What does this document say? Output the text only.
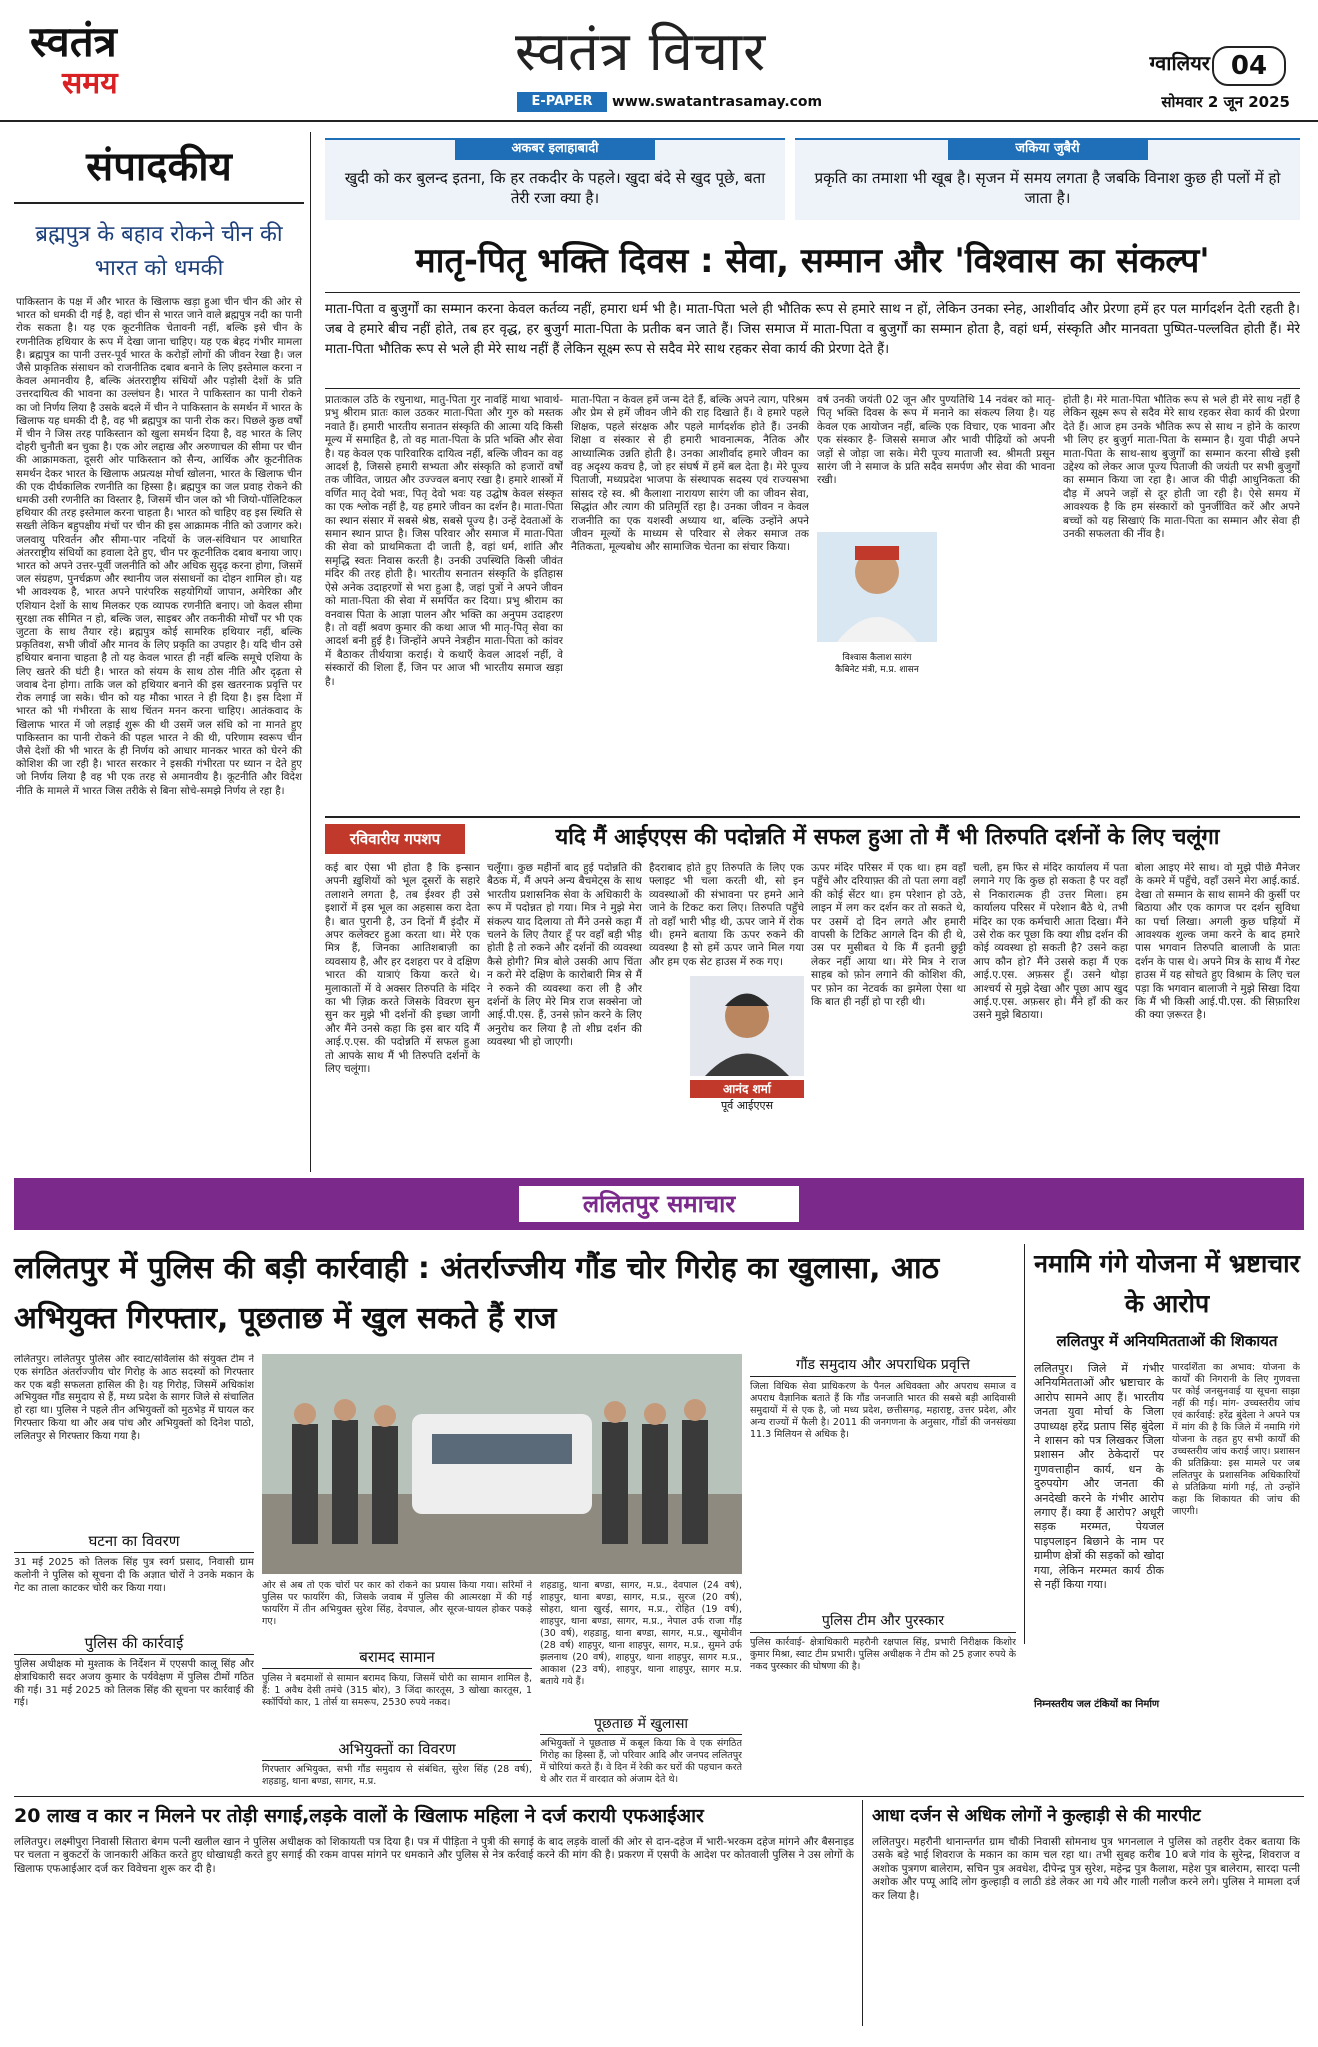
स्वतंत्र
समय
स्वतंत्र विचार
E-PAPER	www.swatantrasamay.com
ग्वालियर 04
सोमवार 2 जून 2025
संपादकीय
ब्रह्मपुत्र के बहाव रोकने चीन की भारत को धमकी
पाकिस्तान के पक्ष में और भारत के खिलाफ खड़ा हुआ चीन चीन की ओर से भारत को धमकी दी गई है, वहां चीन से भारत जाने वाले ब्रह्मपुत्र नदी का पानी रोक सकता है। यह एक कूटनीतिक चेतावनी नहीं, बल्कि इसे चीन के रणनीतिक हथियार के रूप में देखा जाना चाहिए। यह एक बेहद गंभीर मामला है। ब्रह्मपुत्र का पानी उत्तर-पूर्व भारत के करोड़ों लोगों की जीवन रेखा है। जल जैसे प्राकृतिक संसाधन को राजनीतिक दबाव बनाने के लिए इस्तेमाल करना न केवल अमानवीय है, बल्कि अंतरराष्ट्रीय संधियों और पड़ोसी देशों के प्रति उत्तरदायित्व की भावना का उल्लंघन है। भारत ने पाकिस्तान का पानी रोकने का जो निर्णय लिया है उसके बदले में चीन ने पाकिस्तान के समर्थन में भारत के खिलाफ यह धमकी दी है, वह भी ब्रह्मपुत्र का पानी रोक कर। पिछले कुछ वर्षों में चीन ने जिस तरह पाकिस्तान को खुला समर्थन दिया है, वह भारत के लिए दोहरी चुनौती बन चुका है। एक ओर लद्दाख और अरुणाचल की सीमा पर चीन की आक्रामकता, दूसरी ओर पाकिस्तान को सैन्य, आर्थिक और कूटनीतिक समर्थन देकर भारत के खिलाफ अप्रत्यक्ष मोर्चा खोलना, भारत के खिलाफ चीन की एक दीर्घकालिक रणनीति का हिस्सा है। ब्रह्मपुत्र का जल प्रवाह रोकने की धमकी उसी रणनीति का विस्तार है, जिसमें चीन जल को भी जियो-पॉलिटिकल हथियार की तरह इस्तेमाल करना चाहता है। भारत को चाहिए वह इस स्थिति से सख्ती लेकिन बहुपक्षीय मंचों पर चीन की इस आक्रामक नीति को उजागर करे। जलवायु परिवर्तन और सीमा-पार नदियों के जल-संविधान पर आधारित अंतरराष्ट्रीय संधियों का हवाला देते हुए, चीन पर कूटनीतिक दबाव बनाया जाए। भारत को अपने उत्तर-पूर्वी जलनीति को और अधिक सुदृढ़ करना होगा, जिसमें जल संग्रहण, पुनर्चक्रण और स्थानीय जल संसाधनों का दोहन शामिल हो। यह भी आवश्यक है, भारत अपने पारंपरिक सहयोगियों जापान, अमेरिका और एशियान देशों के साथ मिलकर एक व्यापक रणनीति बनाए। जो केवल सीमा सुरक्षा तक सीमित न हो, बल्कि जल, साइबर और तकनीकी मोर्चों पर भी एक जुटता के साथ तैयार रहे। ब्रह्मपुत्र कोई सामरिक हथियार नहीं, बल्कि प्रकृतिवश, सभी जीवों और मानव के लिए प्रकृति का उपहार है। यदि चीन उसे हथियार बनाना चाहता है तो यह केवल भारत ही नहीं बल्कि समूचे एशिया के लिए खतरे की घंटी है। भारत को संयम के साथ ठोस नीति और दृढ़ता से जवाब देना होगा। ताकि जल को हथियार बनाने की इस खतरनाक प्रवृत्ति पर रोक लगाई जा सके। चीन को यह मौका भारत ने ही दिया है। इस दिशा में भारत को भी गंभीरता के साथ चिंतन मनन करना चाहिए। आतंकवाद के खिलाफ भारत में जो लड़ाई शुरू की थी उसमें जल संधि को ना मानते हुए पाकिस्तान का पानी रोकने की पहल भारत ने की थी, परिणाम स्वरूप चीन जैसे देशों की भी भारत के ही निर्णय को आधार मानकर भारत को घेरने की कोशिश की जा रही है। भारत सरकार ने इसकी गंभीरता पर ध्यान न देते हुए जो निर्णय लिया है वह भी एक तरह से अमानवीय है। कूटनीति और विदेश नीति के मामले में भारत जिस तरीके से बिना सोचे-समझे निर्णय ले रहा है।
अकबर इलाहाबादी
खुदी को कर बुलन्द इतना, कि हर तकदीर के पहले। खुदा बंदे से खुद पूछे, बता तेरी रजा क्या है।
जकिया जुबैरी
प्रकृति का तमाशा भी खूब है। सृजन में समय लगता है जबकि विनाश कुछ ही पलों में हो जाता है।
मातृ-पितृ भक्ति दिवस : सेवा, सम्मान और 'विश्वास का संकल्प'
माता-पिता व बुजुर्गों का सम्मान करना केवल कर्तव्य नहीं, हमारा धर्म भी है। माता-पिता भले ही भौतिक रूप से हमारे साथ न हों, लेकिन उनका स्नेह, आशीर्वाद और प्रेरणा हमें हर पल मार्गदर्शन देती रहती है। जब वे हमारे बीच नहीं होते, तब हर वृद्ध, हर बुजुर्ग माता-पिता के प्रतीक बन जाते हैं। जिस समाज में माता-पिता व बुजुर्गों का सम्मान होता है, वहां धर्म, संस्कृति और मानवता पुष्पित-पल्लवित होती हैं। मेरे माता-पिता भौतिक रूप से भले ही मेरे साथ नहीं हैं लेकिन सूक्ष्म रूप से सदैव मेरे साथ रहकर सेवा कार्य की प्रेरणा देते हैं।
प्रातःकाल उठि के रघुनाथा, मातु-पिता गुर नावहिं माथा भावार्थ- प्रभु श्रीराम प्रातः काल उठकर माता-पिता और गुरु को मस्तक नवाते हैं। हमारी भारतीय सनातन संस्कृति की आत्मा यदि किसी मूल्य में समाहित है, तो वह माता-पिता के प्रति भक्ति और सेवा है। यह केवल एक पारिवारिक दायित्व नहीं, बल्कि जीवन का वह आदर्श है, जिससे हमारी सभ्यता और संस्कृति को हजारों वर्षों तक जीवित, जाग्रत और उज्ज्वल बनाए रखा है। हमारे शास्त्रों में वर्णित मातृ देवो भवः, पितृ देवो भवः यह उद्घोष केवल संस्कृत का एक श्लोक नहीं है, यह हमारे जीवन का दर्शन है। माता-पिता का स्थान संसार में सबसे श्रेष्ठ, सबसे पूज्य है। उन्हें देवताओं के समान स्थान प्राप्त है। जिस परिवार और समाज में माता-पिता की सेवा को प्राथमिकता दी जाती है, वहां धर्म, शांति और समृद्धि स्वतः निवास करती है। उनकी उपस्थिति किसी जीवंत मंदिर की तरह होती है। भारतीय सनातन संस्कृति के इतिहास ऐसे अनेक उदाहरणों से भरा हुआ है, जहां पुत्रों ने अपने जीवन को माता-पिता की सेवा में समर्पित कर दिया। प्रभु श्रीराम का वनवास पिता के आज्ञा पालन और भक्ति का अनुपम उदाहरण है। तो वहीं श्रवण कुमार की कथा आज भी मातृ-पितृ सेवा का आदर्श बनी हुई है। जिन्होंने अपने नेत्रहीन माता-पिता को कांवर में बैठाकर तीर्थयात्रा कराई। ये कथाएँ केवल आदर्श नहीं, वे संस्कारों की शिला हैं, जिन पर आज भी भारतीय समाज खड़ा है।
माता-पिता न केवल हमें जन्म देते हैं, बल्कि अपने त्याग, परिश्रम और प्रेम से हमें जीवन जीने की राह दिखाते हैं। वे हमारे पहले शिक्षक, पहले संरक्षक और पहले मार्गदर्शक होते हैं। उनकी शिक्षा व संस्कार से ही हमारी भावनात्मक, नैतिक और आध्यात्मिक उन्नति होती है। उनका आशीर्वाद हमारे जीवन का वह अदृश्य कवच है, जो हर संघर्ष में हमें बल देता है। मेरे पूज्य पिताजी, मध्यप्रदेश भाजपा के संस्थापक सदस्य एवं राज्यसभा सांसद रहे स्व. श्री कैलाशा नारायण सारंग जी का जीवन सेवा, सिद्धांत और त्याग की प्रतिमूर्ति रहा है। उनका जीवन न केवल राजनीति का एक यशस्वी अध्याय था, बल्कि उन्होंने अपने जीवन मूल्यों के माध्यम से परिवार से लेकर समाज तक नैतिकता, मूल्यबोध और सामाजिक चेतना का संचार किया।
वर्ष उनकी जयंती 02 जून और पुण्यतिथि 14 नवंबर को मातृ-पितृ भक्ति दिवस के रूप में मनाने का संकल्प लिया है। यह केवल एक आयोजन नहीं, बल्कि एक विचार, एक भावना और एक संस्कार है- जिससे समाज और भावी पीढ़ियों को अपनी जड़ों से जोड़ा जा सके। मेरी पूज्य माताजी स्व. श्रीमती प्रसून सारंग जी ने समाज के प्रति सदैव समर्पण और सेवा की भावना रखी।
विश्वास कैलाश सारंग
कैबिनेट मंत्री, म.प्र. शासन
होती है। मेरे माता-पिता भौतिक रूप से भले ही मेरे साथ नहीं है लेकिन सूक्ष्म रूप से सदैव मेरे साथ रहकर सेवा कार्य की प्रेरणा देते हैं। आज हम उनके भौतिक रूप से साथ न होने के कारण भी लिए हर बुजुर्ग माता-पिता के सम्मान है। युवा पीढ़ी अपने माता-पिता के साथ-साथ बुजुर्गों का सम्मान करना सीखे इसी उद्देश्य को लेकर आज पूज्य पिताजी की जयंती पर सभी बुजुर्गों का सम्मान किया जा रहा है। आज की पीढ़ी आधुनिकता की दौड़ में अपने जड़ों से दूर होती जा रही है। ऐसे समय में आवश्यक है कि हम संस्कारों को पुनर्जीवित करें और अपने बच्चों को यह सिखाएं कि माता-पिता का सम्मान और सेवा ही उनकी सफलता की नींव है।
रविवारीय गपशप	यदि मैं आईएएस की पदोन्नति में सफल हुआ तो मैं भी तिरुपति दर्शनों के लिए चलूंगा
कई बार ऐसा भी होता है कि इन्सान अपनी ख़ुशियों को भूल दूसरों के सहारे तलाशने लगता है, तब ईश्वर ही उसे इशारों में इस भूल का अहसास करा देता है। बात पुरानी है, उन दिनों मैं इंदौर में अपर कलेक्टर हुआ करता था। मेरे एक मित्र हैं, जिनका आतिशबाज़ी का व्यवसाय है, और हर दशहरा पर वे दक्षिण भारत की यात्राएं किया करते थे। मुलाकातों में वे अक्सर तिरुपति के मंदिर का भी ज़िक्र करते जिसके विवरण सुन सुन कर मुझे भी दर्शनों की इच्छा जागी और मैंने उनसे कहा कि इस बार यदि मैं आई.ए.एस. की पदोन्नति में सफल हुआ तो आपके साथ मैं भी तिरुपति दर्शनों के लिए चलूंगा।
चलूँगा। कुछ महीनों बाद हुई पदोन्नति की बैठक में, मैं अपने अन्य बैचमेट्स के साथ भारतीय प्रशासनिक सेवा के अधिकारी के रूप में पदोन्नत हो गया। मित्र ने मुझे मेरा संकल्प याद दिलाया तो मैंने उनसे कहा मैं चलने के लिए तैयार हूँ पर वहाँ बड़ी भीड़ होती है तो रुकने और दर्शनों की व्यवस्था कैसे होगी? मित्र बोले उसकी आप चिंता न करो मेरे दक्षिण के कारोबारी मित्र से मैं ने रुकने की व्यवस्था करा ली है और दर्शनों के लिए मेरे मित्र राज सक्सेना जो आई.पी.एस. हैं, उनसे फ़ोन करने के लिए अनुरोध कर लिया है तो शीघ्र दर्शन की व्यवस्था भी हो जाएगी।
हैदराबाद होते हुए तिरुपति के लिए एक फ्लाइट भी चला करती थी, सो इन व्यवस्थाओं की संभावना पर हमने आने जाने के टिकट करा लिए। तिरुपति पहुँचे तो वहाँ भारी भीड़ थी, ऊपर जाने में रोक थी। हमने बताया कि ऊपर रुकने की व्यवस्था है सो हमें ऊपर जाने मिल गया और हम एक सेट हाउस में रुक गए।
आनंद शर्मा
पूर्व आईएएस
ऊपर मंदिर परिसर में एक था। हम वहाँ पहुँचे और दरियाफ़्त की तो पता लगा वहाँ की कोई सेंटर था। हम परेशान हो उठे, लाइन में लग कर दर्शन कर तो सकते थे, पर उसमें दो दिन लगते और हमारी वापसी के टिकिट आगले दिन की ही थे, उस पर मुसीबत ये कि मैं इतनी छुट्टी लेकर नहीं आया था। मेरे मित्र ने राज साहब को फ़ोन लगाने की कोशिश की, पर फ़ोन का नेटवर्क का झमेला ऐसा था कि बात ही नहीं हो पा रही थी।
चली, हम फिर से मंदिर कार्यालय में पता लगाने गए कि कुछ हो सकता है पर वहाँ से निकारात्मक ही उत्तर मिला। हम कार्यालय परिसर में परेशान बैठे थे, तभी मंदिर का एक कर्मचारी आता दिखा। मैंने उसे रोक कर पूछा कि क्या शीघ्र दर्शन की कोई व्यवस्था हो सकती है? उसने कहा आप कौन हो? मैंने उससे कहा मैं एक आई.ए.एस. अफ़सर हूँ। उसने थोड़ा आश्चर्य से मुझे देखा और पूछा आप खुद आई.ए.एस. अफ़सर हो। मैंने हाँ की कर उसने मुझे बिठाया।
बोला आइए मेरे साथ। वो मुझे पीछे मैनेजर के कमरे में पहुँचे, वहाँ उसने मेरा आई.कार्ड. देखा तो सम्मान के साथ सामने की कुर्सी पर बिठाया और एक कागज पर दर्शन सुविधा का पर्चा लिखा। अगली कुछ घड़ियों में आवश्यक शुल्क जमा करने के बाद हमारे पास भगवान तिरुपति बालाजी के प्रातः दर्शन के पास थे। अपने मित्र के साथ मैं गेस्ट हाउस में यह सोचते हुए विश्राम के लिए चल पड़ा कि भगवान बालाजी ने मुझे सिखा दिया कि मैं भी किसी आई.पी.एस. की सिफ़ारिश की क्या ज़रूरत है।
ललितपुर समाचार
ललितपुर में पुलिस की बड़ी कार्रवाही : अंतर्राज्जीय गौंड चोर गिरोह का खुलासा, आठ अभियुक्त गिरफ्तार, पूछताछ में खुल सकते हैं राज
ललितपुर। ललितपुर पुलिस और स्वाट/सर्विलांस की संयुक्त टीम ने एक संगठित अंतर्राज्जीय चोर गिरोह के आठ सदस्यों को गिरफ्तार कर एक बड़ी सफलता हासिल की है। यह गिरोह, जिसमें अधिकांश अभियुक्त गौंड समुदाय से हैं, मध्य प्रदेश के सागर जिले से संचालित हो रहा था। पुलिस ने पहले तीन अभियुक्तों को मुठभेड़ में घायल कर गिरफ्तार किया था और अब पांच और अभियुक्तों को दिनेश पाठो, ललितपुर से गिरफ्तार किया गया है।
घटना का विवरण
31 मई 2025 को तिलक सिंह पुत्र स्वर्ग प्रसाद, निवासी ग्राम कलोनी ने पुलिस को सूचना दी कि अज्ञात चोरों ने उनके मकान के गेट का ताला काटकर चोरी कर किया गया।
पुलिस की कार्रवाई
पुलिस अधीक्षक मो मुश्ताक के निर्देशन में एएसपी कालू सिंह और क्षेत्राधिकारी सदर अजय कुमार के पर्यवेक्षण में पुलिस टीमों गठित की गई। 31 मई 2025 को तिलक सिंह की सूचना पर कार्रवाई की गई।
ओर से अब तो एक चोरों पर कार को रोकने का प्रयास किया गया। सरिमों ने पुलिस पर फायरिंग की, जिसके जवाब में पुलिस की आत्मरक्षा में की गई फायरिंग में तीन अभियुक्त सुरेश सिंह, देवपाल, और सूरज-घायल होकर पकड़े गए।
शहडाहु, थाना बण्डा, सागर, म.प्र., देवपाल (24 वर्ष), शाहपुर, थाना बण्डा, सागर, म.प्र., सुरज (20 वर्ष), सोहरा, थाना खुरई, सागर, म.प्र., रोहित (19 वर्ष), शाहपुर, थाना बण्डा, सागर, म.प्र., नेपाल उर्फ राजा गौंड़ (30 वर्ष), शहडाहु, थाना बण्डा, सागर, म.प्र., खुमोवीन (28 वर्ष) शाहपुर, थाना शाहपुर, सागर, म.प्र., सुमने उर्फ झलनाथ (20 वर्ष), शाहपुर, थाना शाहपुर, सागर म.प्र., आकाश (23 वर्ष), शाहपुर, थाना शाहपुर, सागर म.प्र. बताये गये हैं।
बरामद सामान
पुलिस ने बदमाशों से सामान बरामद किया, जिसमें चोरी का सामान शामिल है, हैं: 1 अवैध देसी तमंचे (315 बोर), 3 जिंदा कारतूस, 3 खोखा कारतूस, 1 स्कॉर्पियो कार, 1 तोर्स या समरूप, 2530 रुपये नकद।
अभियुक्तों का विवरण
गिरफ्तार अभियुक्त, सभी गौंड समुदाय से संबंधित, सुरेश सिंह (28 वर्ष), शहडाहु, थाना बण्डा, सागर, म.प्र.
पूछताछ में खुलासा
अभियुक्तों ने पूछताछ में कबूल किया कि वे एक संगठित गिरोह का हिस्सा हैं, जो परिवार आदि और जनपद ललितपुर में चोरियां करते हैं। वे दिन में रेकी कर घरों की पहचान करते थे और रात में वारदात को अंजाम देते थे।
गौंड समुदाय और अपराधिक प्रवृत्ति
जिला विधिक सेवा प्राधिकरण के पैनल अधिवक्ता और अपराध समाज व अपराध वैज्ञानिक बताते हैं कि गौंड जनजाति भारत की सबसे बड़ी आदिवासी समुदायों में से एक है, जो मध्य प्रदेश, छत्तीसगढ़, महाराष्ट्र, उत्तर प्रदेश, और अन्य राज्यों में फैली है। 2011 की जनगणना के अनुसार, गौंडों की जनसंख्या 11.3 मिलियन से अधिक है।
पुलिस टीम और पुरस्कार
पुलिस कार्रवाई- क्षेत्राधिकारी महरौनी रक्षपाल सिंह, प्रभारी निरीक्षक किशोर कुमार मिश्रा, स्वाट टीम प्रभारी। पुलिस अधीक्षक ने टीम को 25 हजार रुपये के नकद पुरस्कार की घोषणा की है।
नमामि गंगे योजना में भ्रष्टाचार के आरोप
ललितपुर में अनियमितताओं की शिकायत
ललितपुर। जिले में गंभीर अनियमितताओं और भ्रष्टाचार के आरोप सामने आए हैं। भारतीय जनता युवा मोर्चा के जिला उपाध्यक्ष हरेंद्र प्रताप सिंह बुंदेला ने शासन को पत्र लिखकर जिला प्रशासन और ठेकेदारों पर गुणवत्ताहीन कार्य, धन के दुरुपयोग और जनता की अनदेखी करने के गंभीर आरोप लगाए हैं। क्या हैं आरोप? अधूरी सड़क मरम्मत, पेयजल पाइपलाइन बिछाने के नाम पर ग्रामीण क्षेत्रों की सड़कों को खोदा गया, लेकिन मरम्मत कार्य ठीक से नहीं किया गया।
निम्नस्तरीय जल टंकियों का निर्माण
पारदर्शिता का अभाव: योजना के कार्यों की निगरानी के लिए गुणवत्ता पर कोई जनसुनवाई या सूचना साझा नहीं की गई। मांग- उच्चस्तरीय जांच एवं कार्रवाई: हरेंद्र बुंदेला ने अपने पत्र में मांग की है कि जिले में नमामि गंगे योजना के तहत हुए सभी कार्यों की उच्चस्तरीय जांच कराई जाए। प्रशासन की प्रतिक्रिया: इस मामले पर जब ललितपुर के प्रशासनिक अधिकारियों से प्रतिक्रिया मांगी गई, तो उन्होंने कहा कि शिकायत की जांच की जाएगी।
20 लाख व कार न मिलने पर तोड़ी सगाई,लड़के वालों के खिलाफ महिला ने दर्ज करायी एफआईआर
ललितपुर। लक्ष्मीपुरा निवासी सितारा बेगम पत्नी खलील खान ने पुलिस अधीक्षक को शिकायती पत्र दिया है। पत्र में पीड़िता ने पुत्री की सगाई के बाद लड़के वालों की ओर से दान-दहेज में भारी-भरकम दहेज मांगने और बैसनाइड पर चलता न बुकटरों के जानकारी अंकित करते हुए धोखाधड़ी करते हुए सगाई की रकम वापस मांगने पर धमकाने और पुलिस से नेत्र कर्रवाई करने की मांग की है। प्रकरण में एसपी के आदेश पर कोतवाली पुलिस ने उस लोगों के खिलाफ एफआईआर दर्ज कर विवेचना शुरू कर दी है।
आधा दर्जन से अधिक लोगों ने कुल्हाड़ी से की मारपीट
ललितपुर। महरौनी थानान्तर्गत ग्राम चौकी निवासी सोमनाथ पुत्र भगनलाल ने पुलिस को तहरीर देकर बताया कि उसके बड़े भाई शिवराज के मकान का काम चल रहा था। तभी सुबह करीब 10 बजे गांव के सुरेन्द्र, शिवराज व अशोक पुत्रगण बालेराम, सचिन पुत्र अवधेश, दीपेन्द्र पुत्र सुरेश, महेन्द्र पुत्र कैलाश, महेश पुत्र बालेराम, सारदा पत्नी अशोक और पप्पू आदि लोग कुल्हाड़ी व लाठी डंडे लेकर आ गये और गाली गलौज करने लगे। पुलिस ने मामला दर्ज कर लिया है।
